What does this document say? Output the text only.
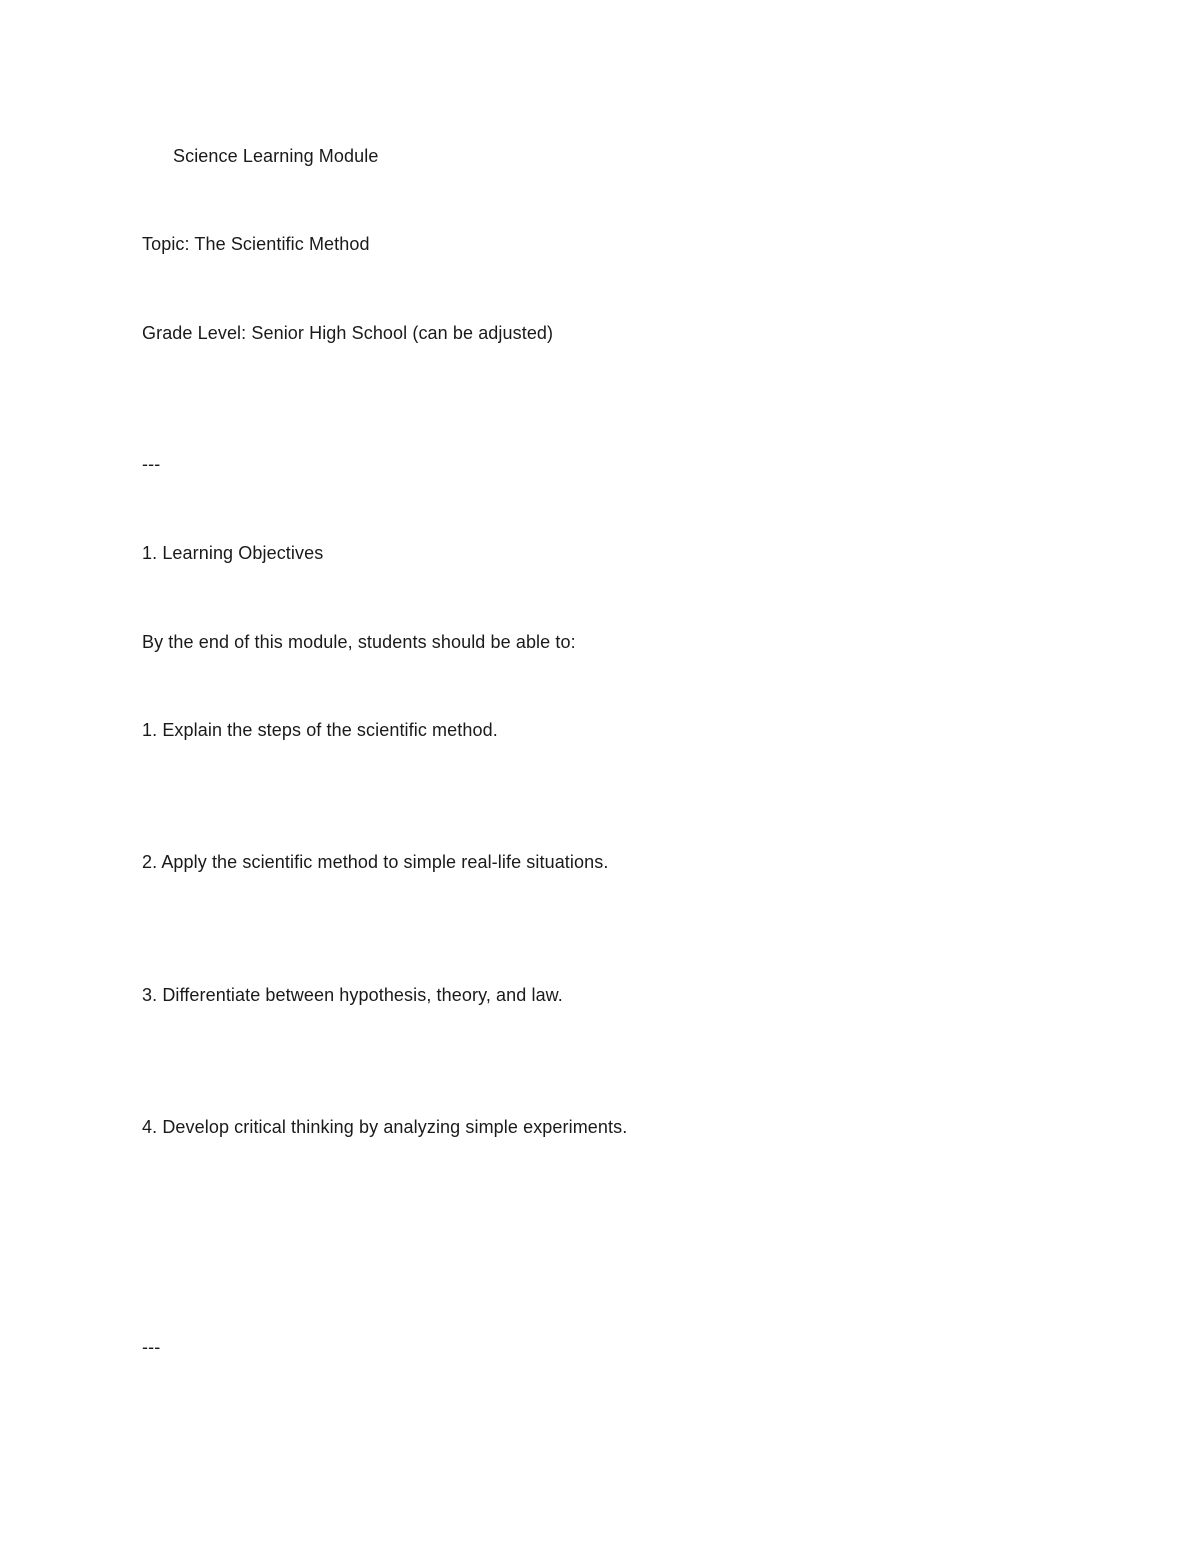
Science Learning Module
Topic: The Scientific Method
Grade Level: Senior High School (can be adjusted)
---
1. Learning Objectives
By the end of this module, students should be able to:
1. Explain the steps of the scientific method.
2. Apply the scientific method to simple real-life situations.
3. Differentiate between hypothesis, theory, and law.
4. Develop critical thinking by analyzing simple experiments.
---
